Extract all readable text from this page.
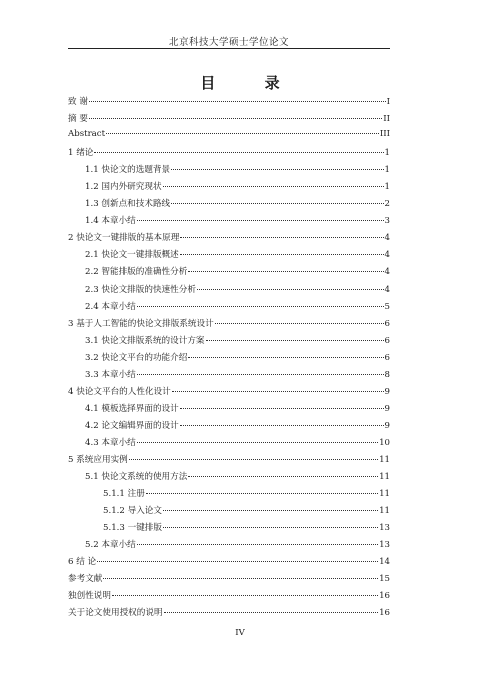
北京科技大学硕士学位论文
目 录
致 谢	I
摘 要	II
Abstract	III
1 绪论	1
1.1 快论文的选题背景	1
1.2 国内外研究现状	1
1.3 创新点和技术路线	2
1.4 本章小结	3
2 快论文一键排版的基本原理	4
2.1 快论文一键排版概述	4
2.2 智能排版的准确性分析	4
2.3 快论文排版的快速性分析	4
2.4 本章小结	5
3 基于人工智能的快论文排版系统设计	6
3.1 快论文排版系统的设计方案	6
3.2 快论文平台的功能介绍	6
3.3 本章小结	8
4 快论文平台的人性化设计	9
4.1 模板选择界面的设计	9
4.2 论文编辑界面的设计	9
4.3 本章小结	10
5 系统应用实例	11
5.1 快论文系统的使用方法	11
5.1.1 注册	11
5.1.2 导入论文	11
5.1.3 一键排版	13
5.2 本章小结	13
6 结 论	14
参考文献	15
独创性说明	16
关于论文使用授权的说明	16
IV
